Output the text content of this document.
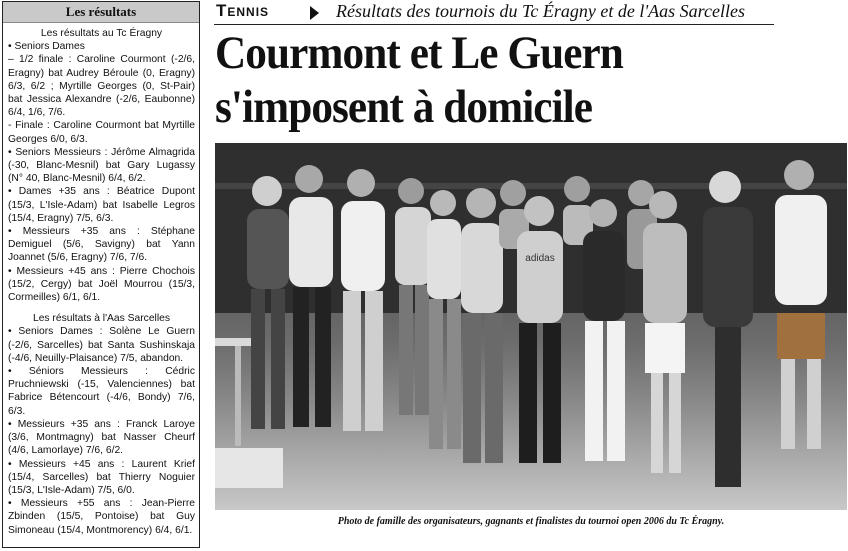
Les résultats

Les résultats au Tc Éragny

• Seniors Dames

– 1/2 finale : Caroline Courmont (-2/6, Eragny) bat Audrey Béroule (0, Eragny) 6/3, 6/2 ; Myrtille Georges (0, St-Pair) bat Jessica Alexandre (-2/6, Eaubonne) 6/4, 1/6, 7/6.

- Finale : Caroline Courmont bat Myrtille Georges 6/0, 6/3.

• Seniors Messieurs : Jérôme Almagrida (-30, Blanc-Mesnil) bat Gary Lugassy (N° 40, Blanc-Mesnil) 6/4, 6/2.

• Dames +35 ans : Béatrice Dupont (15/3, L'Isle-Adam) bat Isabelle Legros (15/4, Eragny) 7/5, 6/3.

• Messieurs +35 ans : Stéphane Demiguel (5/6, Savigny) bat Yann Joannet (5/6, Eragny) 7/6, 7/6.

• Messieurs +45 ans : Pierre Chochois (15/2, Cergy) bat Joël Mourrou (15/3, Cormeilles) 6/1, 6/1.

Les résultats à l'Aas Sarcelles

• Seniors Dames : Solène Le Guern (-2/6, Sarcelles) bat Santa Sushinskaja (-4/6, Neuilly-Plaisance) 7/5, abandon.

• Séniors Messieurs : Cédric Pruchniewski (-15, Valenciennes) bat Fabrice Bétencourt (-4/6, Bondy) 7/6, 6/3.

• Messieurs +35 ans : Franck Laroye (3/6, Montmagny) bat Nasser Cheurf (4/6, Lamorlaye) 7/6, 6/2.

• Messieurs +45 ans : Laurent Krief (15/4, Sarcelles) bat Thierry Noguier (15/3, L'Isle-Adam) 7/5, 6/0.

• Messieurs +55 ans : Jean-Pierre Zbinden (15/5, Pontoise) bat Guy Simoneau (15/4, Montmorency) 6/4, 6/1.

Tennis	Résultats des tournois du Tc Éragny et de l'Aas Sarcelles
Courmont et Le Guern
s'imposent à domicile
adidas
Photo de famille des organisateurs, gagnants et finalistes du tournoi open 2006 du Tc Éragny.
